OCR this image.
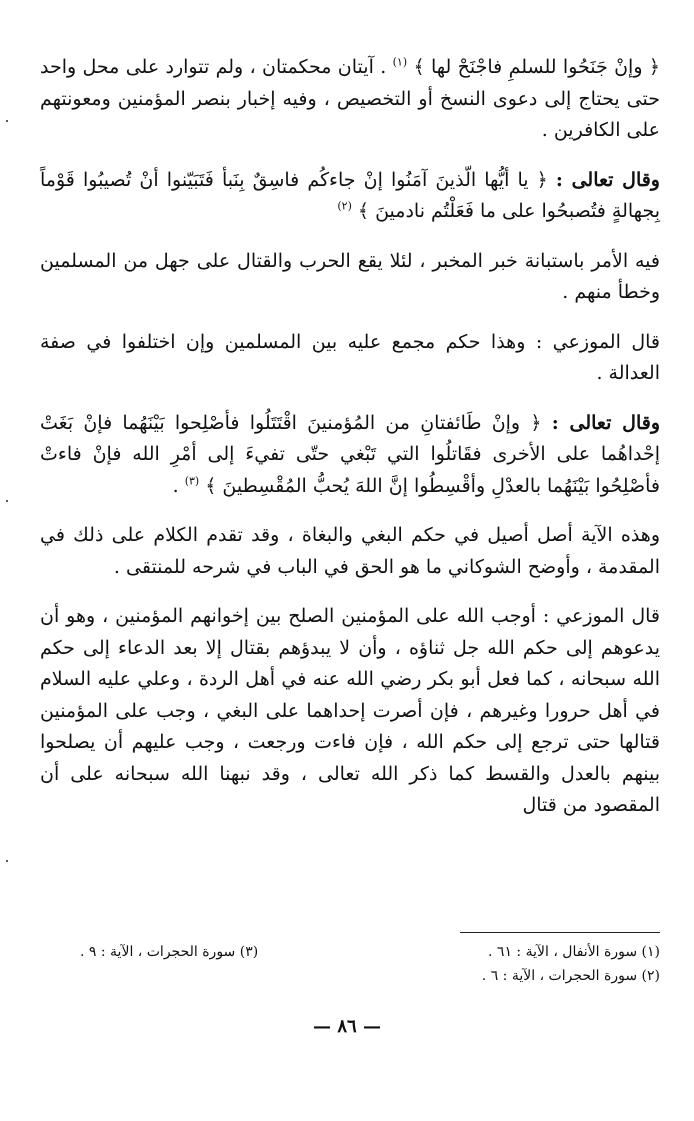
﴿ وإنْ جَنَحُوا للسلمِ فاجْنَحْ لها ﴾ $^{(١)}$ . آيتان محكمتان ، ولم تتوارد على محل واحد حتى يحتاج إلى دعوى النسخ أو التخصيص ، وفيه إخبار بنصر المؤمنين ومعونتهم على الكافرين .

وقال تعالى : ﴿ يا أيُّها الّذينَ آمَنُوا إنْ جاءكُم فاسِقٌ بِنَبأ فَتَبَيّنوا أنْ تُصيبُوا قَوْماً بِجهالةٍ فتُصبحُوا على ما فَعَلْتُم نادمينَ ﴾ $^{(٢)}$

فيه الأمر باستبانة خبر المخبر ، لئلا يقع الحرب والقتال على جهل من المسلمين وخطأ منهم .

قال الموزعي : وهذا حكم مجمع عليه بين المسلمين وإن اختلفوا في صفة العدالة .

وقال تعالى : ﴿ وإنْ طَائفتانِ من المُؤمنينَ اقْتَتَلُوا فأصْلِحوا بَيْنَهُما فإنْ بَغَتْ إحْداهُما على الأخرى فقَاتلُوا التي تَبْغي حتّى تفيءَ إلى أمْرِ الله فإنْ فاءتْ فأصْلِحُوا بَيْنَهُما بالعدْلِ وأقْسِطُوا إنَّ اللهَ يُحبُّ المُقْسِطينَ ﴾ $^{(٣)}$ .

وهذه الآية أصل أصيل في حكم البغي والبغاة ، وقد تقدم الكلام على ذلك في المقدمة ، وأوضح الشوكاني ما هو الحق في الباب في شرحه للمنتقى .

قال الموزعي : أوجب الله على المؤمنين الصلح بين إخوانهم المؤمنين ، وهو أن يدعوهم إلى حكم الله جل ثناؤه ، وأن لا يبدؤهم بقتال إلا بعد الدعاء إلى حكم الله سبحانه ، كما فعل أبو بكر رضي الله عنه في أهل الردة ، وعلي عليه السلام في أهل حرورا وغيرهم ، فإن أصرت إحداهما على البغي ، وجب على المؤمنين قتالها حتى ترجع إلى حكم الله ، فإن فاءت ورجعت ، وجب عليهم أن يصلحوا بينهم بالعدل والقسط كما ذكر الله تعالى ، وقد نبهنا الله سبحانه على أن المقصود من قتال

(١) سورة الأنفال ، الآية : ٦١ .
(٣) سورة الحجرات ، الآية : ٩ .
(٢) سورة الحجرات ، الآية : ٦ .
— ٨٦ —
